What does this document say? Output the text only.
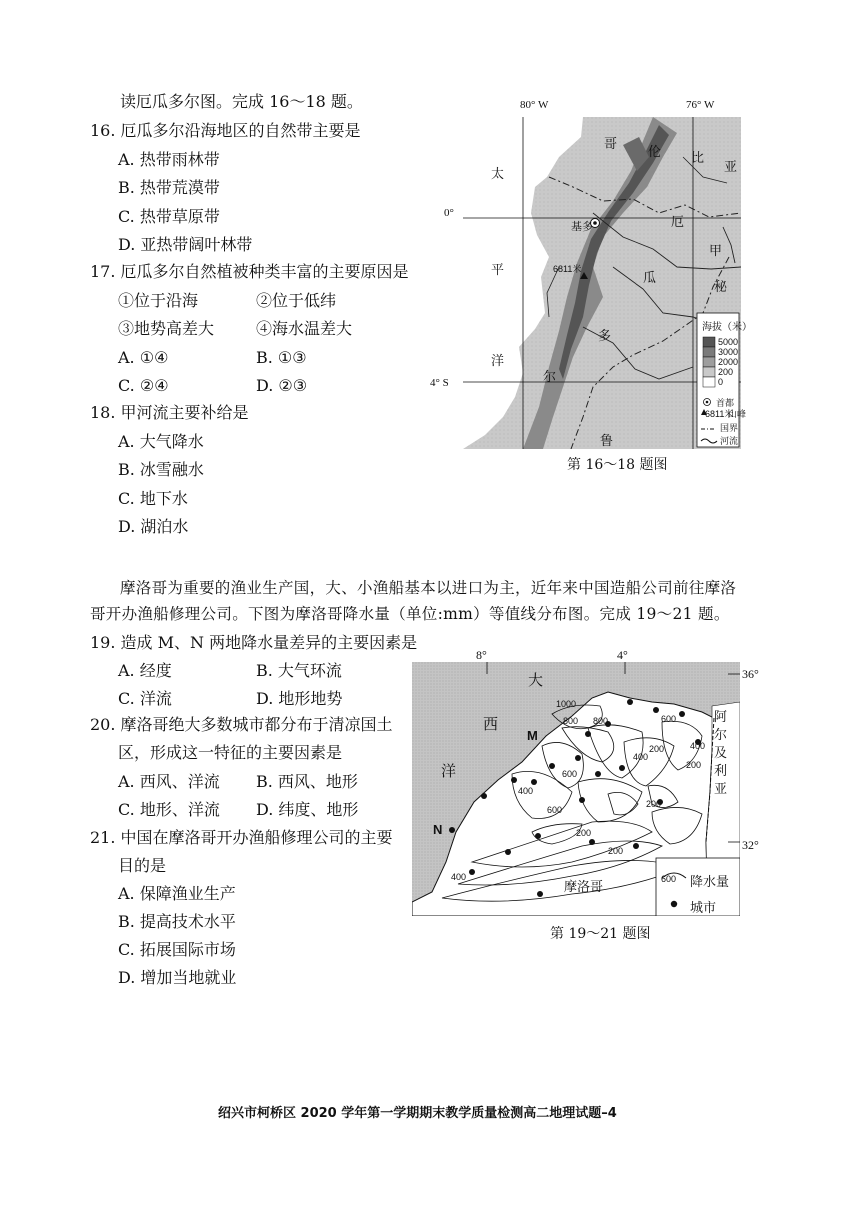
读厄瓜多尔图。完成 16～18 题。
16. 厄瓜多尔沿海地区的自然带主要是
A. 热带雨林带
B. 热带荒漠带
C. 热带草原带
D. 亚热带阔叶林带
17. 厄瓜多尔自然植被种类丰富的主要原因是
①位于沿海	②位于低纬
③地势高差大	④海水温差大
A. ①④	B. ①③
C. ②④	D. ②③
18. 甲河流主要补给是
A. 大气降水
B. 冰雪融水
C. 地下水
D. 湖泊水
80° W	76° W
0°
4° S
太
平
洋
哥
伦 比
亚
秘
鲁
厄
瓜
多
尔
基多
6811米
甲
海拔（米）
5000
3000
2000
200
0
首都
6811米
山峰
国界
河流
第 16～18 题图
摩洛哥为重要的渔业生产国，大、小渔船基本以进口为主，近年来中国造船公司前往摩洛
哥开办渔船修理公司。下图为摩洛哥降水量（单位:mm）等值线分布图。完成 19～21 题。
19. 造成 M、N 两地降水量差异的主要因素是
A. 经度	B. 大气环流
C. 洋流	D. 地形地势
20. 摩洛哥绝大多数城市都分布于清凉国土
区，形成这一特征的主要因素是
A. 西风、洋流 B. 西风、地形
C. 地形、洋流 D. 纬度、地形
21. 中国在摩洛哥开办渔船修理公司的主要
目的是
A. 保障渔业生产
B. 提高技术水平
C. 拓展国际市场
D. 增加当地就业
8°	4°
36°
32°
大
西
洋
阿
尔
及
利
亚
M
N
摩洛哥
1000
800 800
600
400
600
600
400
200
200
400
200
200
200
400	600 降水量
城市
第 19～21 题图
绍兴市柯桥区 2020 学年第一学期期末教学质量检测高二地理试题–4
